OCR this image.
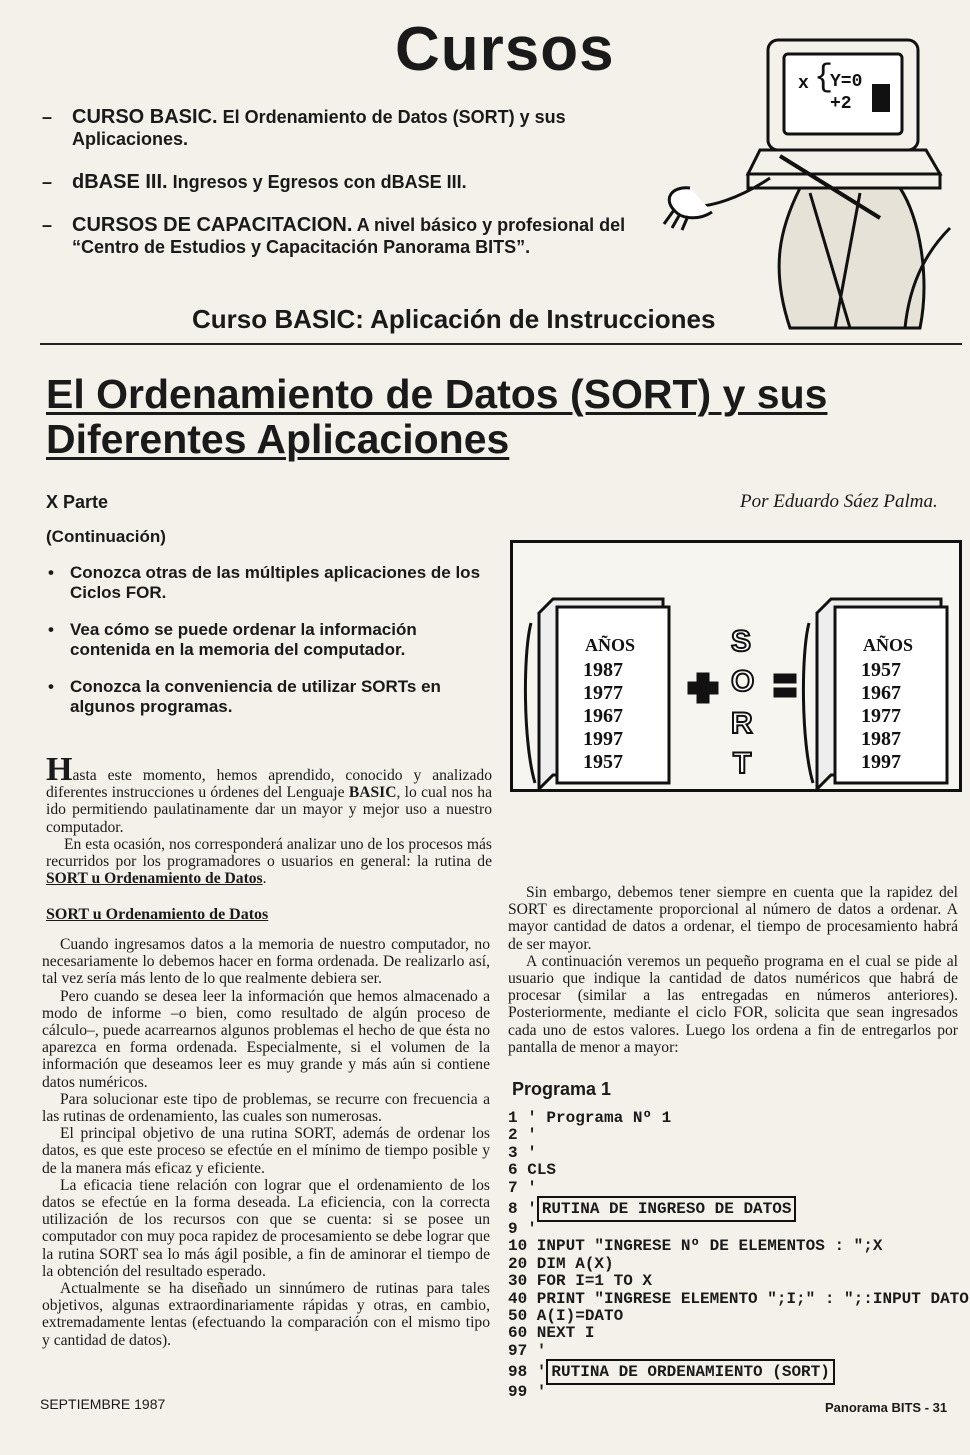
Cursos
– CURSO BASIC. El Ordenamiento de Datos (SORT) y sus Aplicaciones.
– dBASE III. Ingresos y Egresos con dBASE III.
– CURSOS DE CAPACITACION. A nivel básico y profesional del “Centro de Estudios y Capacitación Panorama BITS”.
Curso BASIC: Aplicación de Instrucciones
x {
Y=0
+2
El Ordenamiento de Datos (SORT) y sus
Diferentes Aplicaciones
X Parte
(Continuación)
Por Eduardo Sáez Palma.
• Conozca otras de las múltiples aplicaciones de los Ciclos FOR.
• Vea cómo se puede ordenar la información contenida en la memoria del computador.
• Conozca la conveniencia de utilizar SORTs en algunos programas.

Hasta este momento, hemos aprendido, conocido y analizado diferentes instrucciones u órdenes del Lenguaje BASIC, lo cual nos ha ido permitiendo paulatinamente dar un mayor y mejor uso a nuestro computador.

En esta ocasión, nos corresponderá analizar uno de los procesos más recurridos por los programadores o usuarios en general: la rutina de SORT u Ordenamiento de Datos.

SORT u Ordenamiento de Datos

Cuando ingresamos datos a la memoria de nuestro computador, no necesariamente lo debemos hacer en forma ordenada. De realizarlo así, tal vez sería más lento de lo que realmente debiera ser.

Pero cuando se desea leer la información que hemos almacenado a modo de informe –o bien, como resultado de algún proceso de cálculo–, puede acarrearnos algunos problemas el hecho de que ésta no aparezca en forma ordenada. Especialmente, si el volumen de la información que deseamos leer es muy grande y más aún si contiene datos numéricos.

Para solucionar este tipo de problemas, se recurre con frecuencia a las rutinas de ordenamiento, las cuales son numerosas.

El principal objetivo de una rutina SORT, además de ordenar los datos, es que este proceso se efectúe en el mínimo de tiempo posible y de la manera más eficaz y eficiente.

La eficacia tiene relación con lograr que el ordenamiento de los datos se efectúe en la forma deseada. La eficiencia, con la correcta utilización de los recursos con que se cuenta: si se posee un computador con muy poca rapidez de procesamiento se debe lograr que la rutina SORT sea lo más ágil posible, a fin de aminorar el tiempo de la obtención del resultado esperado.

Actualmente se ha diseñado un sinnúmero de rutinas para tales objetivos, algunas extraordinariamente rápidas y otras, en cambio, extremadamente lentas (efectuando la comparación con el mismo tipo y cantidad de datos).

AÑOS
1987
1977
1967
1997
1957
AÑOS
1957
1967
1977
1987
1997
S
O
R
T

Sin embargo, debemos tener siempre en cuenta que la rapidez del SORT es directamente proporcional al número de datos a ordenar. A mayor cantidad de datos a ordenar, el tiempo de procesamiento habrá de ser mayor.

A continuación veremos un pequeño programa en el cual se pide al usuario que indique la cantidad de datos numéricos que habrá de procesar (similar a las entregadas en números anteriores). Posteriormente, mediante el ciclo FOR, solicita que sean ingresados cada uno de estos valores. Luego los ordena a fin de entregarlos por pantalla de menor a mayor:

Programa 1
1 ' Programa Nº 1
2 '
3 '
6 CLS
7 '
8 ' RUTINA DE INGRESO DE DATOS
9 '
10 INPUT "INGRESE Nº DE ELEMENTOS : ";X
20 DIM A(X)
30 FOR I=1 TO X
40 PRINT "INGRESE ELEMENTO ";I;" : ";:INPUT DATO
50 A(I)=DATO
60 NEXT I
97 '
98 ' RUTINA DE ORDENAMIENTO (SORT)
99 '
SEPTIEMBRE 1987	Panorama BITS - 31
